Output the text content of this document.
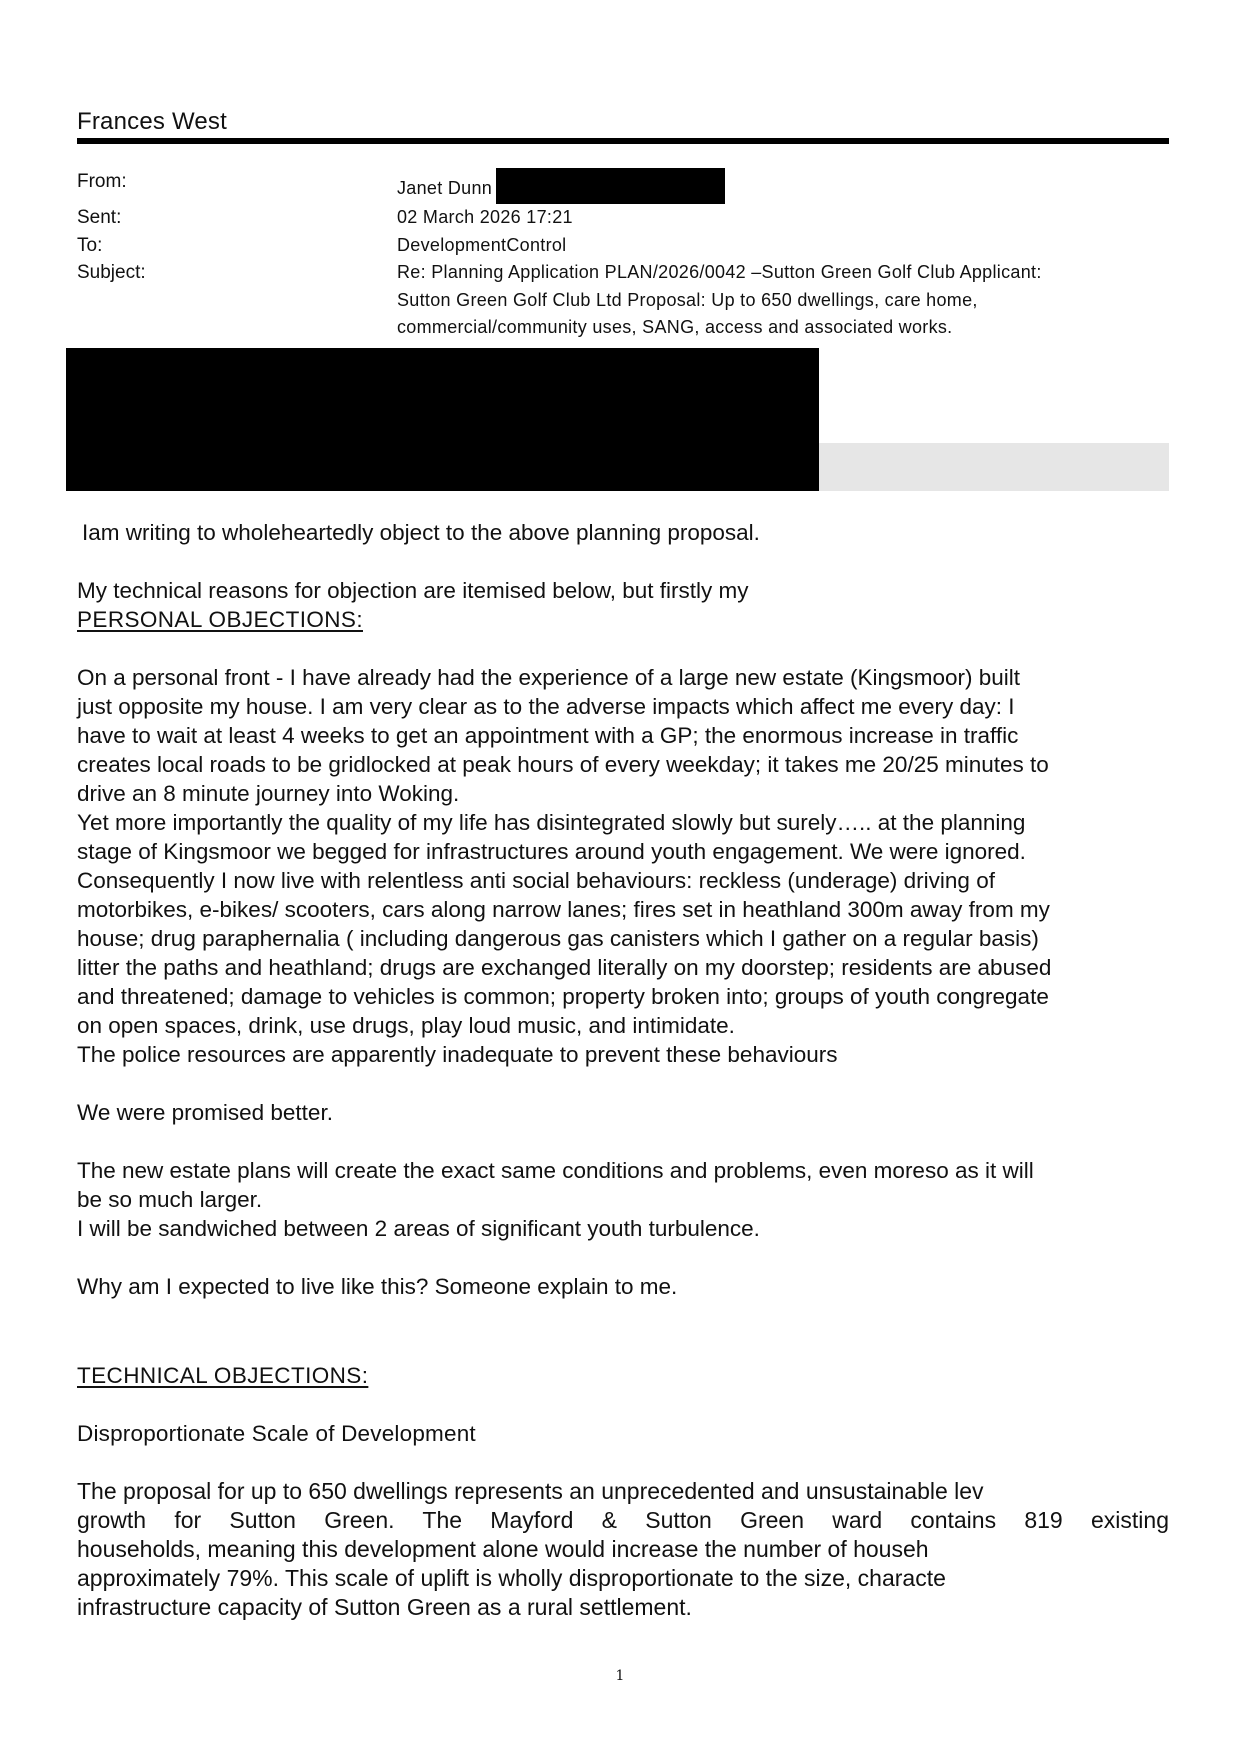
Frances West
From:	Janet Dunn
Sent:	02 March 2026 17:21
To:	DevelopmentControl
Subject:	Re: Planning Application PLAN/2026/0042 –Sutton Green Golf Club Applicant:
Sutton Green Golf Club Ltd Proposal: Up to 650 dwellings, care home,
commercial/community uses, SANG, access and associated works.

Iam writing to wholeheartedly object to the above planning proposal.

My technical reasons for objection are itemised below, but firstly my

PERSONAL OBJECTIONS:

On a personal front - I have already had the experience of a large new estate (Kingsmoor) built

just opposite my house. I am very clear as to the adverse impacts which affect me every day: I

have to wait at least 4 weeks to get an appointment with a GP; the enormous increase in traffic

creates local roads to be gridlocked at peak hours of every weekday; it takes me 20/25 minutes to

drive an 8 minute journey into Woking.

Yet more importantly the quality of my life has disintegrated slowly but surely….. at the planning

stage of Kingsmoor we begged for infrastructures around youth engagement. We were ignored.

Consequently I now live with relentless anti social behaviours: reckless (underage) driving of

motorbikes, e-bikes/ scooters, cars along narrow lanes; fires set in heathland 300m away from my

house; drug paraphernalia ( including dangerous gas canisters which I gather on a regular basis)

litter the paths and heathland; drugs are exchanged literally on my doorstep; residents are abused

and threatened; damage to vehicles is common; property broken into; groups of youth congregate

on open spaces, drink, use drugs, play loud music, and intimidate.

The police resources are apparently inadequate to prevent these behaviours

We were promised better.

The new estate plans will create the exact same conditions and problems, even moreso as it will

be so much larger.

I will be sandwiched between 2 areas of significant youth turbulence.

Why am I expected to live like this? Someone explain to me.

TECHNICAL OBJECTIONS:

Disproportionate Scale of Development

The proposal for up to 650 dwellings represents an unprecedented and unsustainable lev
growth for Sutton Green. The Mayford & Sutton Green ward contains 819 existing
households, meaning this development alone would increase the number of househ
approximately 79%. This scale of uplift is wholly disproportionate to the size, characte
infrastructure capacity of Sutton Green as a rural settlement.
1
